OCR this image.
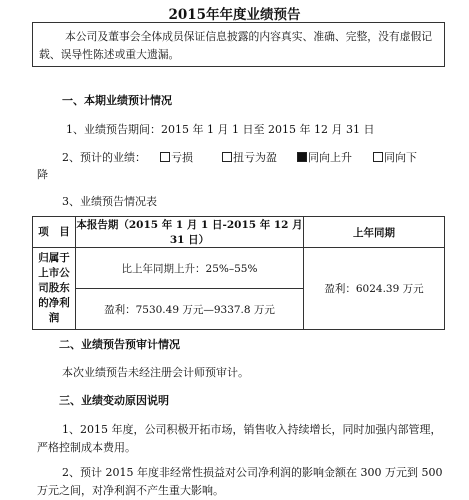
2015年年度业绩预告
本公司及董事会全体成员保证信息披露的内容真实、准确、完整，没有虚假记载、误导性陈述或重大遗漏。
一、本期业绩预计情况
1、业绩预告期间：2015 年 1 月 1 日至 2015 年 12 月 31 日
2、预计的业绩：	亏损	扭亏为盈	同向上升	同向下
降
3、业绩预告情况表
项　目	本报告期（2015 年 1 月 1 日-2015 年 12 月 31 日）	上年同期
归属于上市公司股东的净利润	比上年同期上升：25%–55%	盈利：6024.39 万元
	盈利：7530.49 万元—9337.8 万元	
二、业绩预告预审计情况
本次业绩预告未经注册会计师预审计。
三、业绩变动原因说明
1、2015 年度，公司积极开拓市场，销售收入持续增长，同时加强内部管理，
严格控制成本费用。
2、预计 2015 年度非经常性损益对公司净利润的影响金额在 300 万元到 500
万元之间，对净利润不产生重大影响。
